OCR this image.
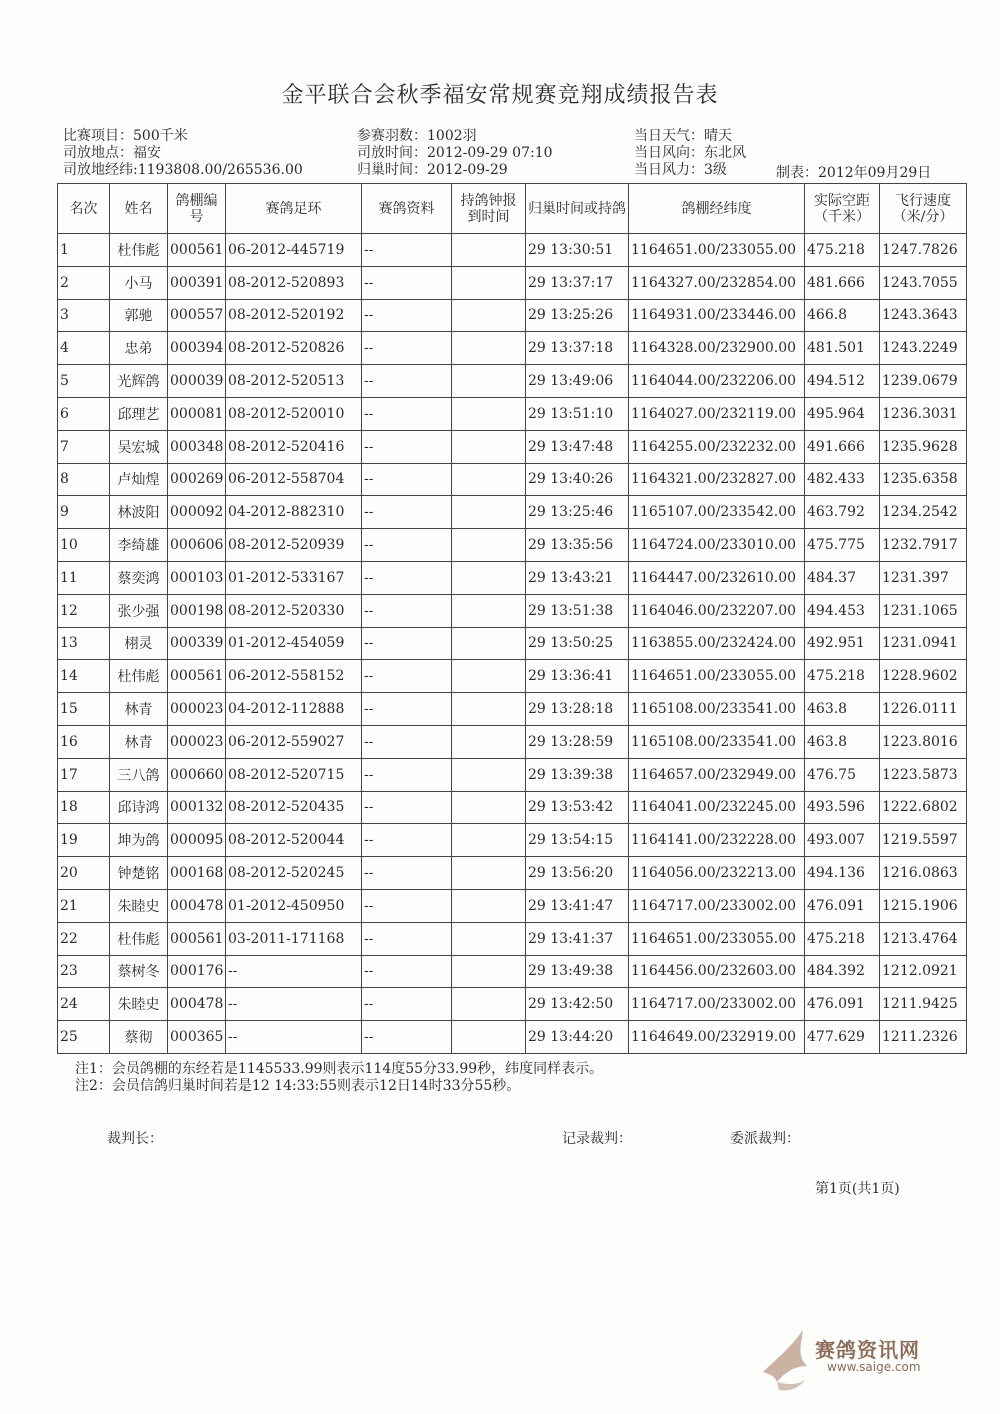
金平联合会秋季福安常规赛竞翔成绩报告表
比赛项目：500千米
司放地点：福安
司放地经纬:1193808.00/265536.00
参赛羽数：1002羽
司放时间：2012-09-29 07:10
归巢时间：2012-09-29
当日天气：晴天
当日风向：东北风
当日风力：3级	制表：2012年09月29日
名次	姓名	鸽棚编号	赛鸽足环	赛鸽资料	持鸽钟报到时间	归巢时间或持鸽	鸽棚经纬度	实际空距（千米）	飞行速度（米/分）
1	杜伟彪	000561	06-2012-445719	--		29 13:30:51	1164651.00/233055.00	475.218	1247.7826
2	小马	000391	08-2012-520893	--		29 13:37:17	1164327.00/232854.00	481.666	1243.7055
3	郭驰	000557	08-2012-520192	--		29 13:25:26	1164931.00/233446.00	466.8	1243.3643
4	忠弟	000394	08-2012-520826	--		29 13:37:18	1164328.00/232900.00	481.501	1243.2249
5	光辉鸽	000039	08-2012-520513	--		29 13:49:06	1164044.00/232206.00	494.512	1239.0679
6	邱理艺	000081	08-2012-520010	--		29 13:51:10	1164027.00/232119.00	495.964	1236.3031
7	吴宏城	000348	08-2012-520416	--		29 13:47:48	1164255.00/232232.00	491.666	1235.9628
8	卢灿煌	000269	06-2012-558704	--		29 13:40:26	1164321.00/232827.00	482.433	1235.6358
9	林波阳	000092	04-2012-882310	--		29 13:25:46	1165107.00/233542.00	463.792	1234.2542
10	李绮雄	000606	08-2012-520939	--		29 13:35:56	1164724.00/233010.00	475.775	1232.7917
11	蔡奕鸿	000103	01-2012-533167	--		29 13:43:21	1164447.00/232610.00	484.37	1231.397
12	张少强	000198	08-2012-520330	--		29 13:51:38	1164046.00/232207.00	494.453	1231.1065
13	栩灵	000339	01-2012-454059	--		29 13:50:25	1163855.00/232424.00	492.951	1231.0941
14	杜伟彪	000561	06-2012-558152	--		29 13:36:41	1164651.00/233055.00	475.218	1228.9602
15	林青	000023	04-2012-112888	--		29 13:28:18	1165108.00/233541.00	463.8	1226.0111
16	林青	000023	06-2012-559027	--		29 13:28:59	1165108.00/233541.00	463.8	1223.8016
17	三八鸽	000660	08-2012-520715	--		29 13:39:38	1164657.00/232949.00	476.75	1223.5873
18	邱诗鸿	000132	08-2012-520435	--		29 13:53:42	1164041.00/232245.00	493.596	1222.6802
19	坤为鸽	000095	08-2012-520044	--		29 13:54:15	1164141.00/232228.00	493.007	1219.5597
20	钟楚铭	000168	08-2012-520245	--		29 13:56:20	1164056.00/232213.00	494.136	1216.0863
21	朱睦史	000478	01-2012-450950	--		29 13:41:47	1164717.00/233002.00	476.091	1215.1906
22	杜伟彪	000561	03-2011-171168	--		29 13:41:37	1164651.00/233055.00	475.218	1213.4764
23	蔡树冬	000176	--	--		29 13:49:38	1164456.00/232603.00	484.392	1212.0921
24	朱睦史	000478	--	--		29 13:42:50	1164717.00/233002.00	476.091	1211.9425
25	蔡彻	000365	--	--		29 13:44:20	1164649.00/232919.00	477.629	1211.2326
注1：会员鸽棚的东经若是1145533.99则表示114度55分33.99秒，纬度同样表示。
注2：会员信鸽归巢时间若是12 14:33:55则表示12日14时33分55秒。
裁判长：	记录裁判：	委派裁判：
第1页(共1页)
赛鸽资讯网
www.saige.com
